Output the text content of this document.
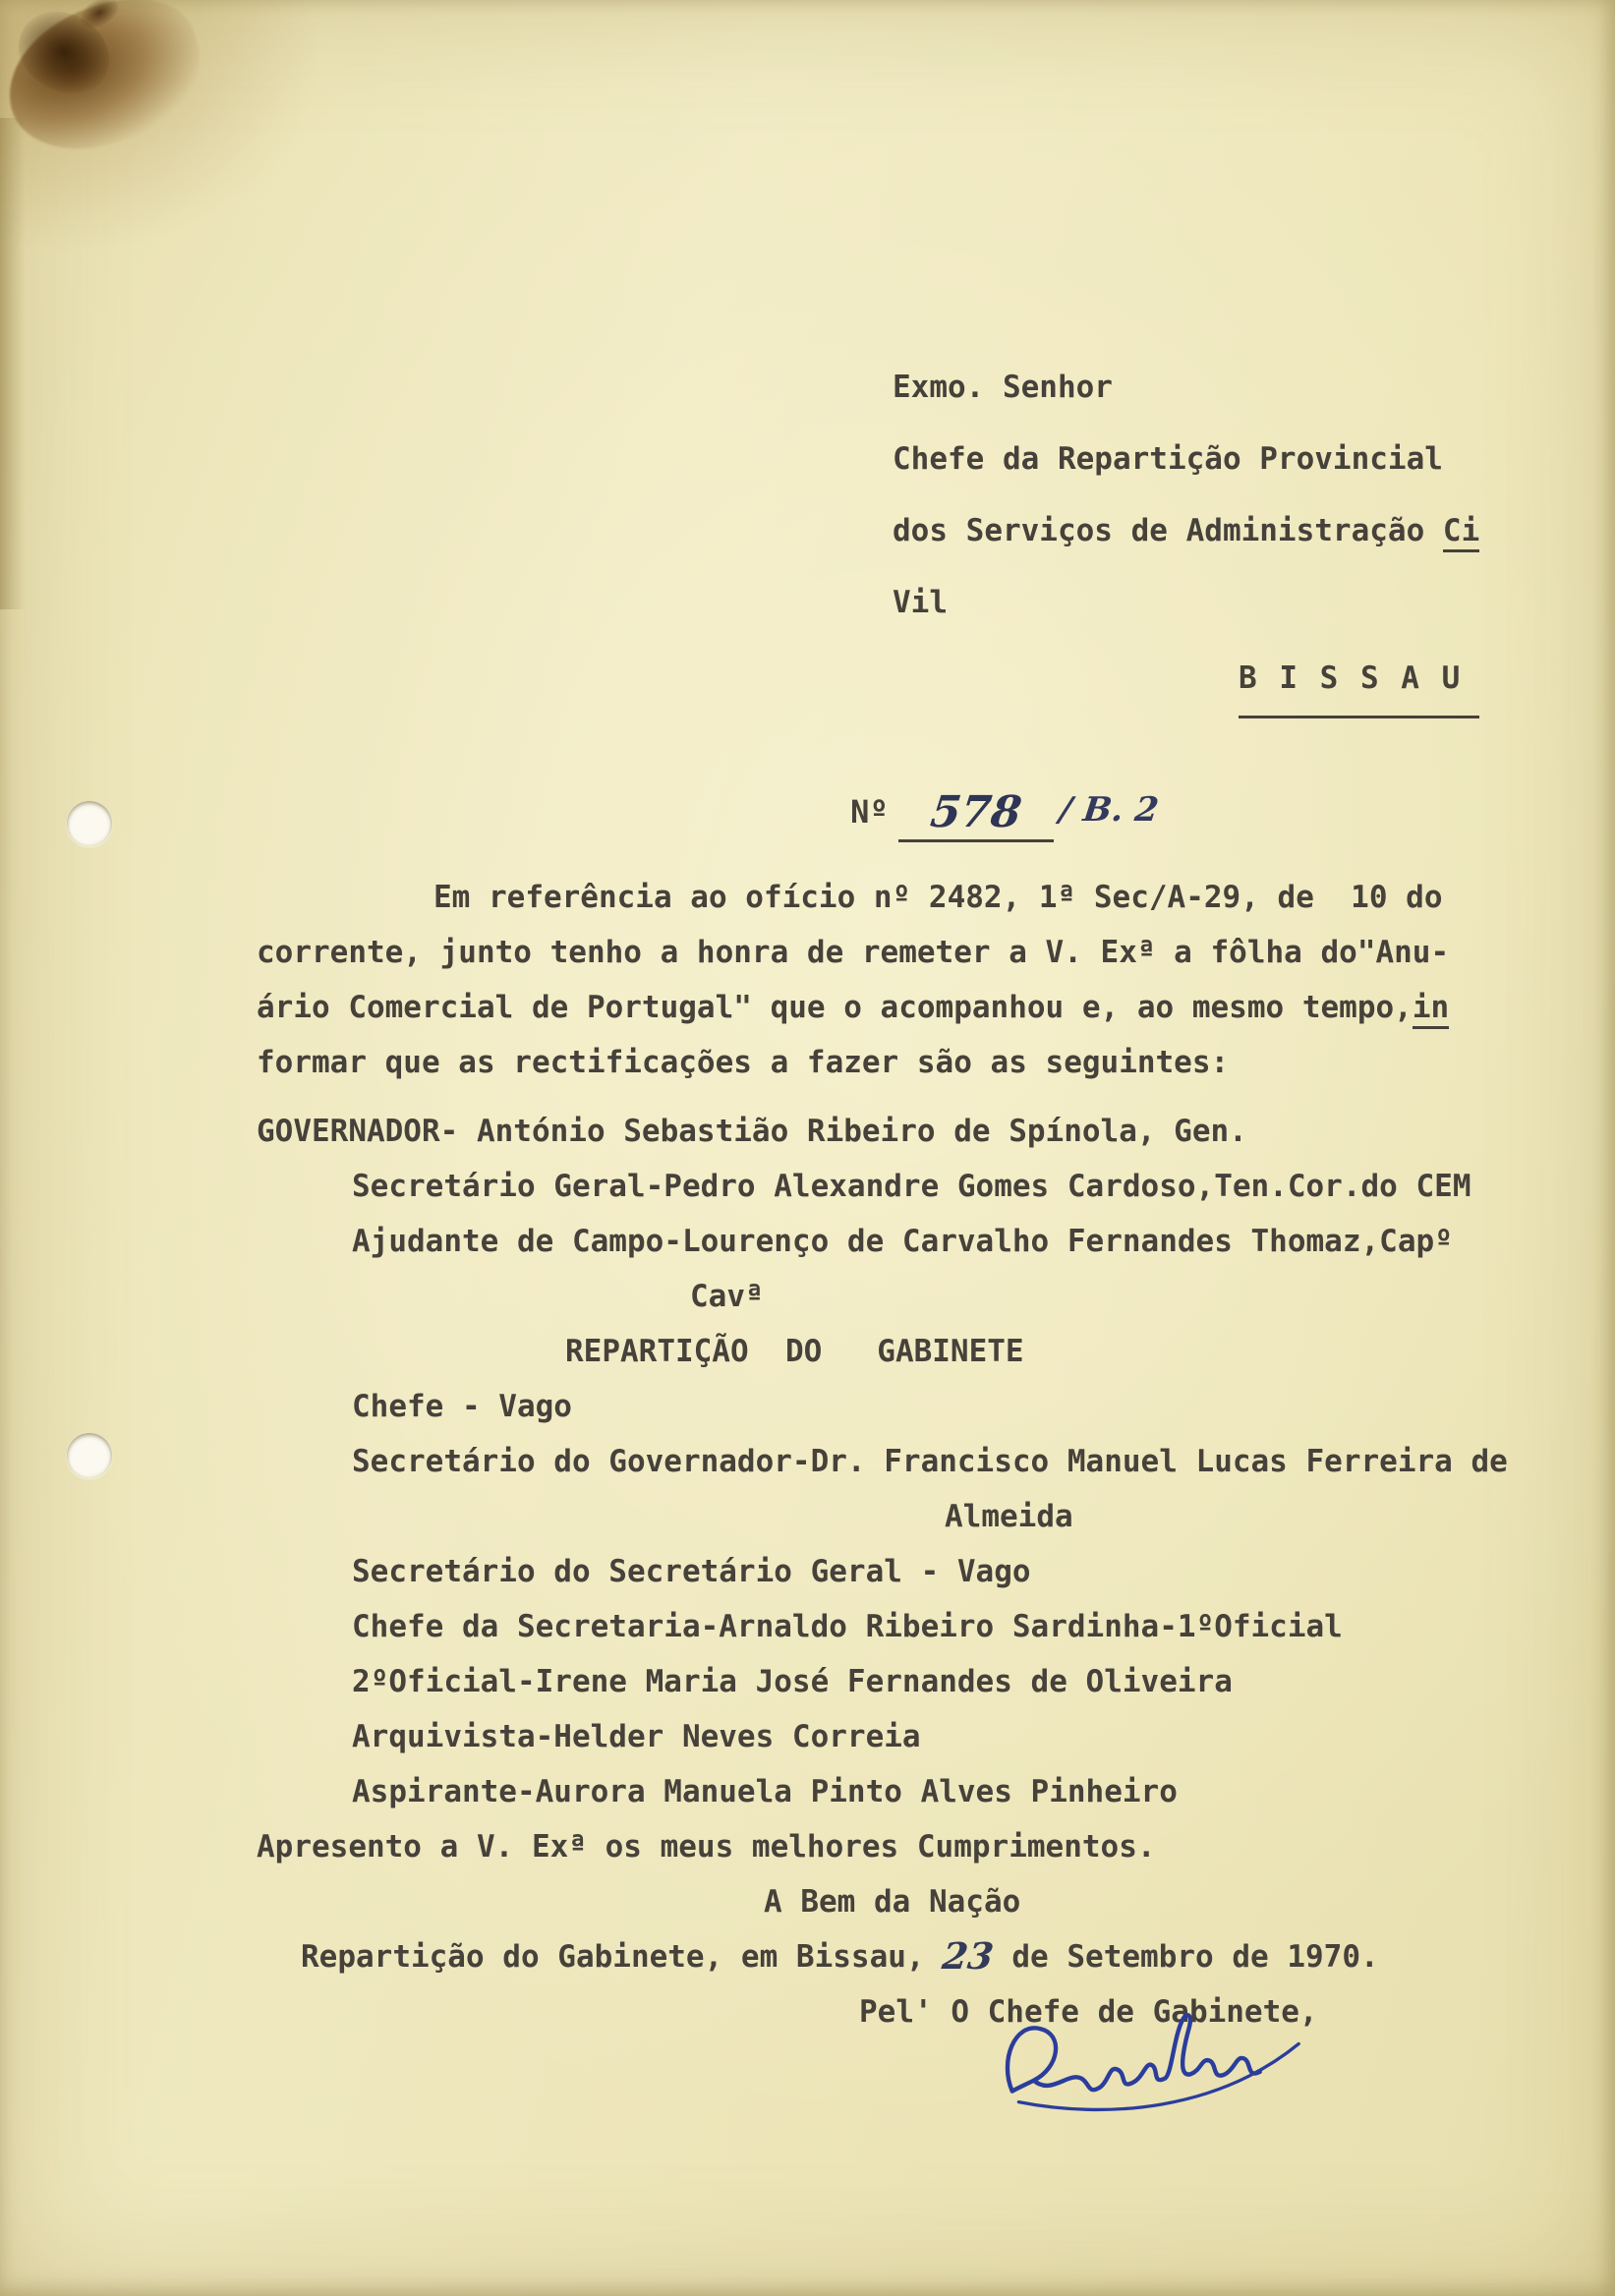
Exmo. Senhor
Chefe da Repartição Provincial
dos Serviços de Administração Ci
Vil
B I S S A U

Nº 578 / B. 2

Em referência ao ofício nº 2482, 1ª Sec/A-29, de  10 do
corrente, junto tenho a honra de remeter a V. Exª a fôlha do"Anu-
ário Comercial de Portugal" que o acompanhou e, ao mesmo tempo,in
formar que as rectificações a fazer são as seguintes:
GOVERNADOR- António Sebastião Ribeiro de Spínola, Gen.
Secretário Geral-Pedro Alexandre Gomes Cardoso,Ten.Cor.do CEM
Ajudante de Campo-Lourenço de Carvalho Fernandes Thomaz,Capº
Cavª
REPARTIÇÃO  DO   GABINETE
Chefe - Vago
Secretário do Governador-Dr. Francisco Manuel Lucas Ferreira de
Almeida
Secretário do Secretário Geral - Vago
Chefe da Secretaria-Arnaldo Ribeiro Sardinha-1ºOficial
2ºOficial-Irene Maria José Fernandes de Oliveira
Arquivista-Helder Neves Correia
Aspirante-Aurora Manuela Pinto Alves Pinheiro
Apresento a V. Exª os meus melhores Cumprimentos.
A Bem da Nação
Repartição do Gabinete, em Bissau, 23 de Setembro de 1970.
Pel' O Chefe de Gabinete,
